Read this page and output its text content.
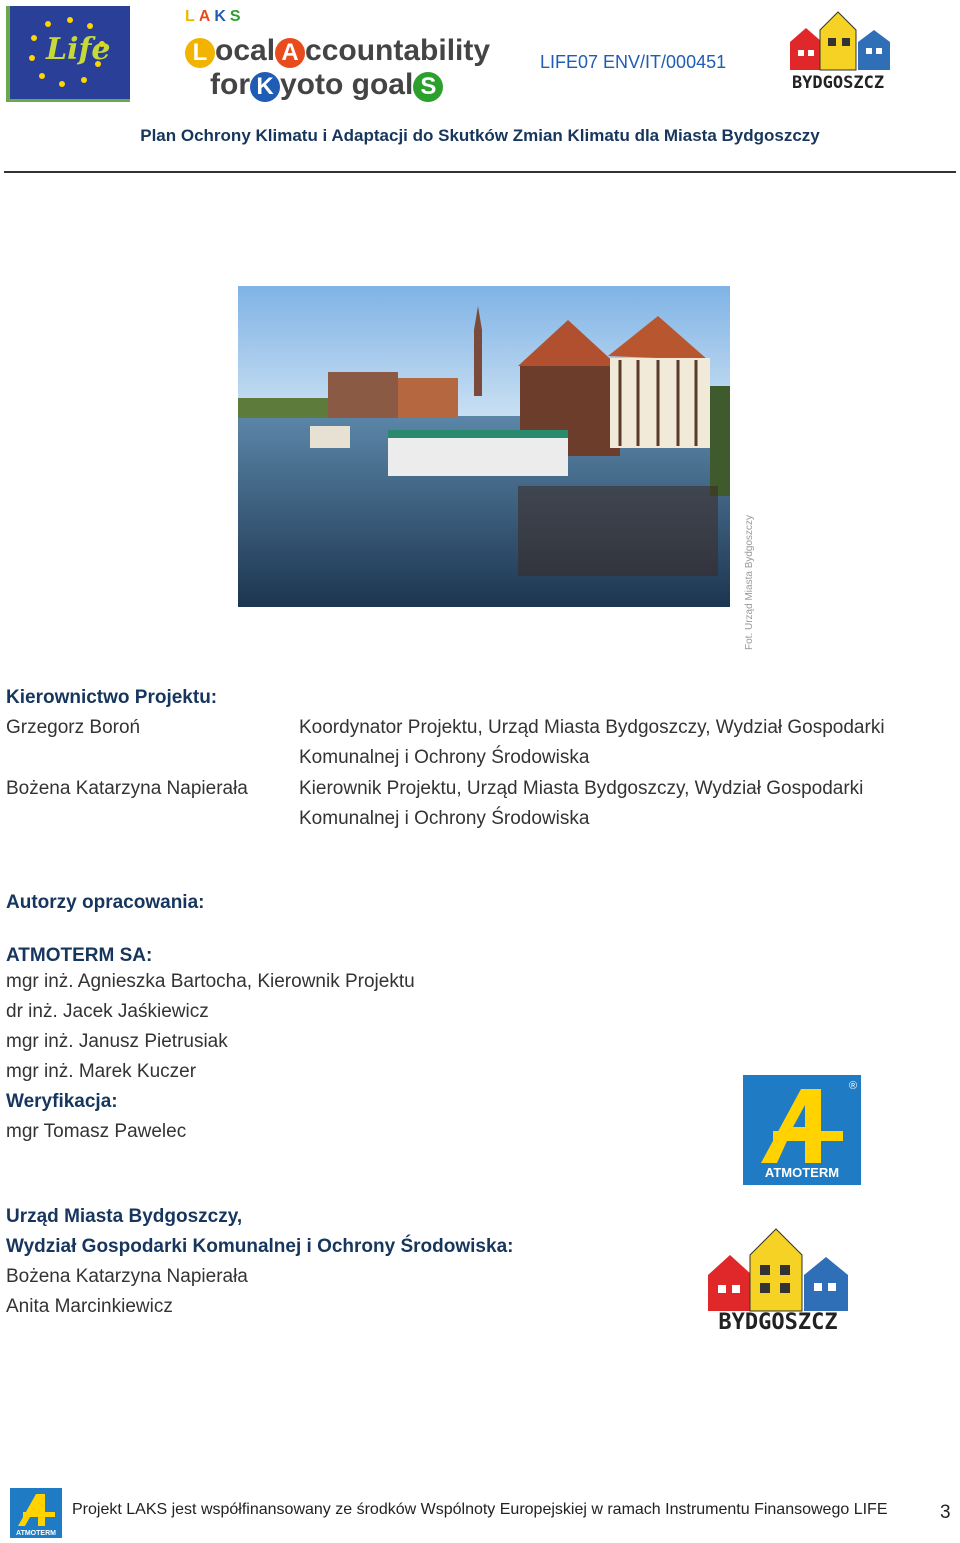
Life
LAKS
L ocal A ccountability
for K yoto goal S
LIFE07 ENV/IT/000451
BYDGOSZCZ
Plan Ochrony Klimatu i Adaptacji do Skutków Zmian Klimatu dla Miasta Bydgoszczy
Fot. Urząd Miasta Bydgoszczy
Kierownictwo Projektu:
Grzegorz Boroń	Koordynator Projektu, Urząd Miasta Bydgoszczy, Wydział Gospodarki
Komunalnej i Ochrony Środowiska
Bożena Katarzyna Napierała	Kierownik Projektu, Urząd Miasta Bydgoszczy, Wydział Gospodarki
Komunalnej i Ochrony Środowiska
Autorzy opracowania:
ATMOTERM SA:
mgr inż. Agnieszka Bartocha, Kierownik Projektu
dr inż. Jacek Jaśkiewicz
mgr inż. Janusz Pietrusiak
mgr inż. Marek Kuczer
Weryfikacja:
mgr Tomasz Pawelec
®
ATMOTERM
Urząd Miasta Bydgoszczy,
Wydział Gospodarki Komunalnej i Ochrony Środowiska:
Bożena Katarzyna Napierała
Anita Marcinkiewicz
BYDGOSZCZ
ATMOTERM
Projekt LAKS jest współfinansowany ze środków Wspólnoty Europejskiej w ramach Instrumentu Finansowego LIFE	3
